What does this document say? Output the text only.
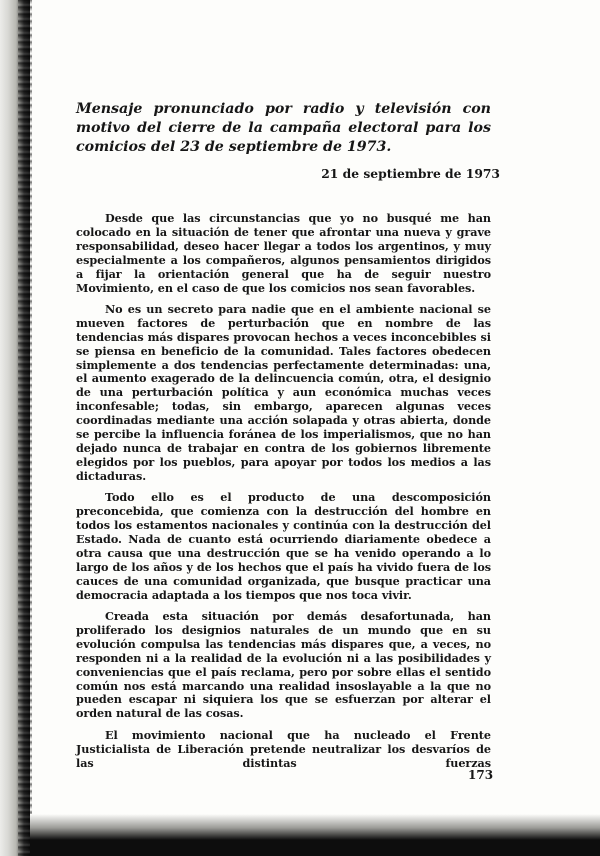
Mensaje pronunciado por radio y televisión con motivo del cierre de la campaña electoral para los comicios del 23 de septiembre de 1973.

21 de septiembre de 1973

Desde que las circunstancias que yo no busqué me han colocado en la situación de tener que afrontar una nueva y grave responsabilidad, deseo hacer llegar a todos los argentinos, y muy especialmente a los compañeros, algunos pensamientos dirigidos a fijar la orientación general que ha de seguir nuestro Movimiento, en el caso de que los comicios nos sean favorables.

No es un secreto para nadie que en el ambiente nacional se mueven factores de perturbación que en nombre de las tendencias más dispares provocan hechos a veces inconcebibles si se piensa en beneficio de la comunidad. Tales factores obedecen simplemente a dos tendencias perfectamente determinadas: una, el aumento exagerado de la delincuencia común, otra, el designio de una perturbación política y aun económica muchas veces inconfesable; todas, sin embargo, aparecen algunas veces coordinadas mediante una acción solapada y otras abierta, donde se percibe la influencia foránea de los imperialismos, que no han dejado nunca de trabajar en contra de los gobiernos libremente elegidos por los pueblos, para apoyar por todos los medios a las dictaduras.

Todo ello es el producto de una descomposición preconcebida, que comienza con la destrucción del hombre en todos los estamentos nacionales y continúa con la destrucción del Estado. Nada de cuanto está ocurriendo diariamente obedece a otra causa que una destrucción que se ha venido operando a lo largo de los años y de los hechos que el país ha vivido fuera de los cauces de una comunidad organizada, que busque practicar una democracia adaptada a los tiempos que nos toca vivir.

Creada esta situación por demás desafortunada, han proliferado los designios naturales de un mundo que en su evolución compulsa las tendencias más dispares que, a veces, no responden ni a la realidad de la evolución ni a las posibilidades y conveniencias que el país reclama, pero por sobre ellas el sentido común nos está marcando una realidad insoslayable a la que no pueden escapar ni siquiera los que se esfuerzan por alterar el orden natural de las cosas.

El movimiento nacional que ha nucleado el Frente Justicialista de Liberación pretende neutralizar los desvaríos de las distintas fuerzas

173
